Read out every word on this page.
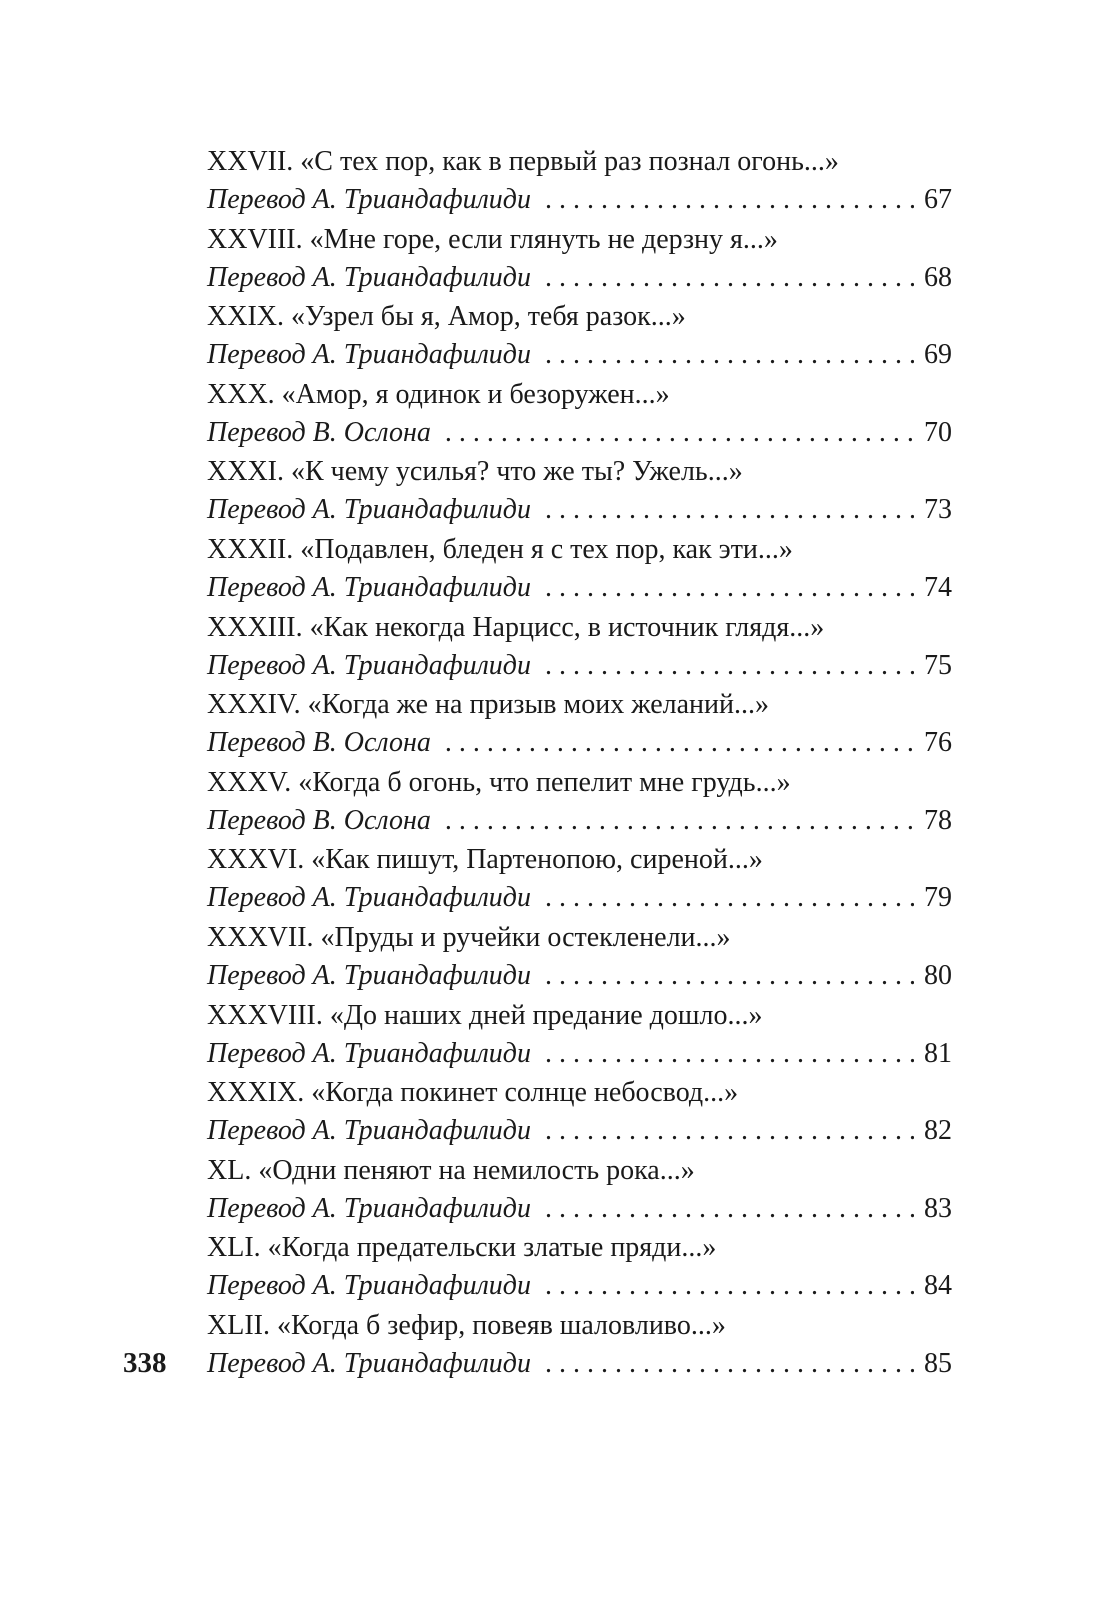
XXVII. «С тех пор, как в первый раз познал огонь...»
Перевод А. Триандафилиди . . .	67
XXVIII. «Мне горе, если глянуть не дерзну я...»
Перевод А. Триандафилиди . . .	68
XXIX. «Узрел бы я, Амор, тебя разок...»
Перевод А. Триандафилиди . . .	69
XXX. «Амор, я одинок и безоружен...»
Перевод В. Ослона . . .	70
XXXI. «К чему усилья? что же ты? Ужель...»
Перевод А. Триандафилиди . . .	73
XXXII. «Подавлен, бледен я с тех пор, как эти...»
Перевод А. Триандафилиди . . .	74
XXXIII. «Как некогда Нарцисс, в источник глядя...»
Перевод А. Триандафилиди . . .	75
XXXIV. «Когда же на призыв моих желаний...»
Перевод В. Ослона . . .	76
XXXV. «Когда б огонь, что пепелит мне грудь...»
Перевод В. Ослона . . .	78
XXXVI. «Как пишут, Партенопою, сиреной...»
Перевод А. Триандафилиди . . .	79
XXXVII. «Пруды и ручейки остекленели...»
Перевод А. Триандафилиди . . .	80
XXXVIII. «До наших дней предание дошло...»
Перевод А. Триандафилиди . . .	81
XXXIX. «Когда покинет солнце небосвод...»
Перевод А. Триандафилиди . . .	82
XL. «Одни пеняют на немилость рока...»
Перевод А. Триандафилиди . . .	83
XLI. «Когда предательски златые пряди...»
Перевод А. Триандафилиди . . .	84
XLII. «Когда б зефир, повеяв шаловливо...»
Перевод А. Триандафилиди . . .	85
338
